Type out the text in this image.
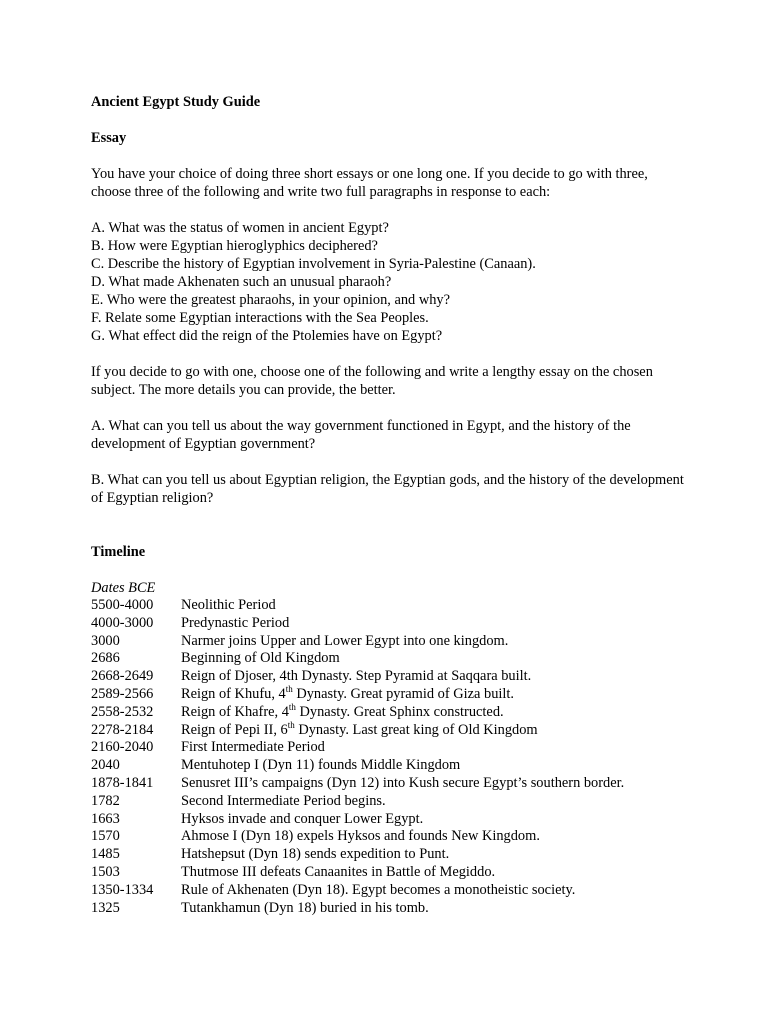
Ancient Egypt Study Guide

Essay

You have your choice of doing three short essays or one long one. If you decide to go with three, choose three of the following and write two full paragraphs in response to each:

A. What was the status of women in ancient Egypt?

B. How were Egyptian hieroglyphics deciphered?

C. Describe the history of Egyptian involvement in Syria-Palestine (Canaan).

D. What made Akhenaten such an unusual pharaoh?

E. Who were the greatest pharaohs, in your opinion, and why?

F. Relate some Egyptian interactions with the Sea Peoples.

G. What effect did the reign of the Ptolemies have on Egypt?

If you decide to go with one, choose one of the following and write a lengthy essay on the chosen subject. The more details you can provide, the better.

A. What can you tell us about the way government functioned in Egypt, and the history of the development of Egyptian government?

B. What can you tell us about Egyptian religion, the Egyptian gods, and the history of the development of Egyptian religion?

Timeline

Dates BCE

5500-4000	Neolithic Period
4000-3000	Predynastic Period
3000	Narmer joins Upper and Lower Egypt into one kingdom.
2686	Beginning of Old Kingdom
2668-2649	Reign of Djoser, 4th Dynasty. Step Pyramid at Saqqara built.
2589-2566	Reign of Khufu, 4th Dynasty. Great pyramid of Giza built.
2558-2532	Reign of Khafre, 4th Dynasty. Great Sphinx constructed.
2278-2184	Reign of Pepi II, 6th Dynasty. Last great king of Old Kingdom
2160-2040	First Intermediate Period
2040	Mentuhotep I (Dyn 11) founds Middle Kingdom
1878-1841	Senusret III’s campaigns (Dyn 12) into Kush secure Egypt’s southern border.
1782	Second Intermediate Period begins.
1663	Hyksos invade and conquer Lower Egypt.
1570	Ahmose I (Dyn 18) expels Hyksos and founds New Kingdom.
1485	Hatshepsut (Dyn 18) sends expedition to Punt.
1503	Thutmose III defeats Canaanites in Battle of Megiddo.
1350-1334	Rule of Akhenaten (Dyn 18). Egypt becomes a monotheistic society.
1325	Tutankhamun (Dyn 18) buried in his tomb.
